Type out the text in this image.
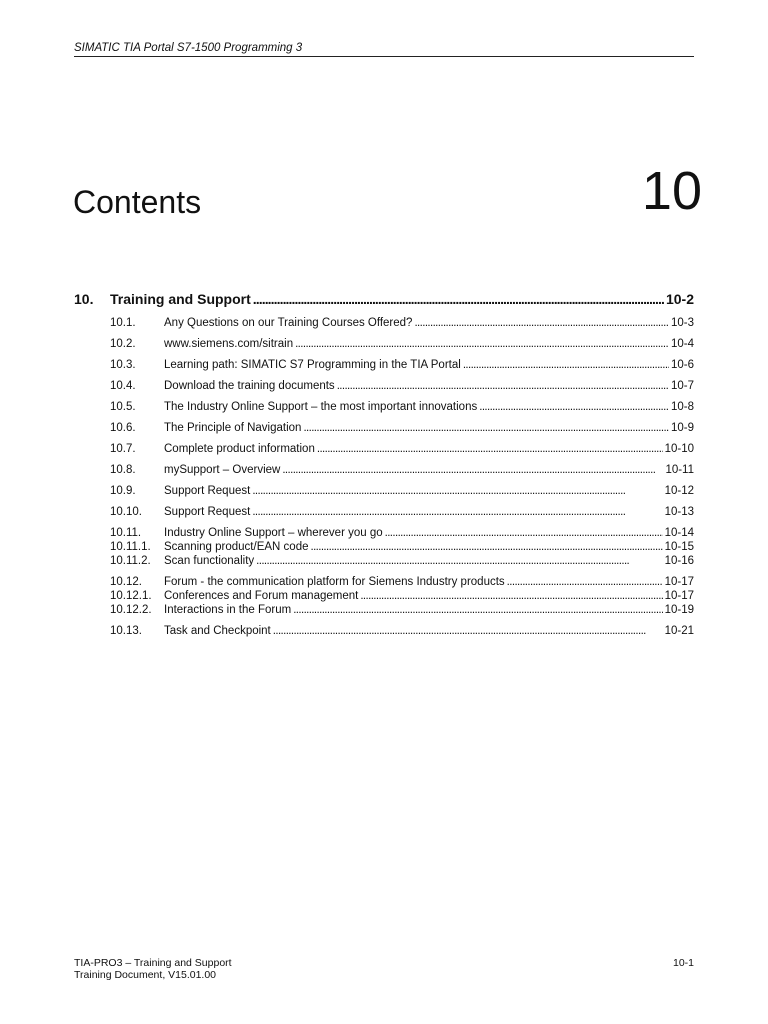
SIMATIC TIA Portal S7-1500 Programming 3
Contents	10
10.	Training and Support . . .	10-2
10.1.	Any Questions on our Training Courses Offered? . . .	10-3
10.2.	www.siemens.com/sitrain . . .	10-4
10.3.	Learning path: SIMATIC S7 Programming in the TIA Portal . . .	10-6
10.4.	Download the training documents . . .	10-7
10.5.	The Industry Online Support – the most important innovations . . .	10-8
10.6.	The Principle of Navigation . . .	10-9
10.7.	Complete product information . . .	10-10
10.8.	mySupport – Overview . . .	10-11
10.9.	Support Request . . .	10-12
10.10.	Support Request . . .	10-13
10.11.	Industry Online Support – wherever you go . . .	10-14
10.11.1.	Scanning product/EAN code . . .	10-15
10.11.2.	Scan functionality . . .	10-16
10.12.	Forum - the communication platform for Siemens Industry products . . .	10-17
10.12.1.	Conferences and Forum management . . .	10-17
10.12.2.	Interactions in the Forum . . .	10-19
10.13.	Task and Checkpoint . . .	10-21
TIA-PRO3 – Training and Support
Training Document, V15.01.00
10-1
